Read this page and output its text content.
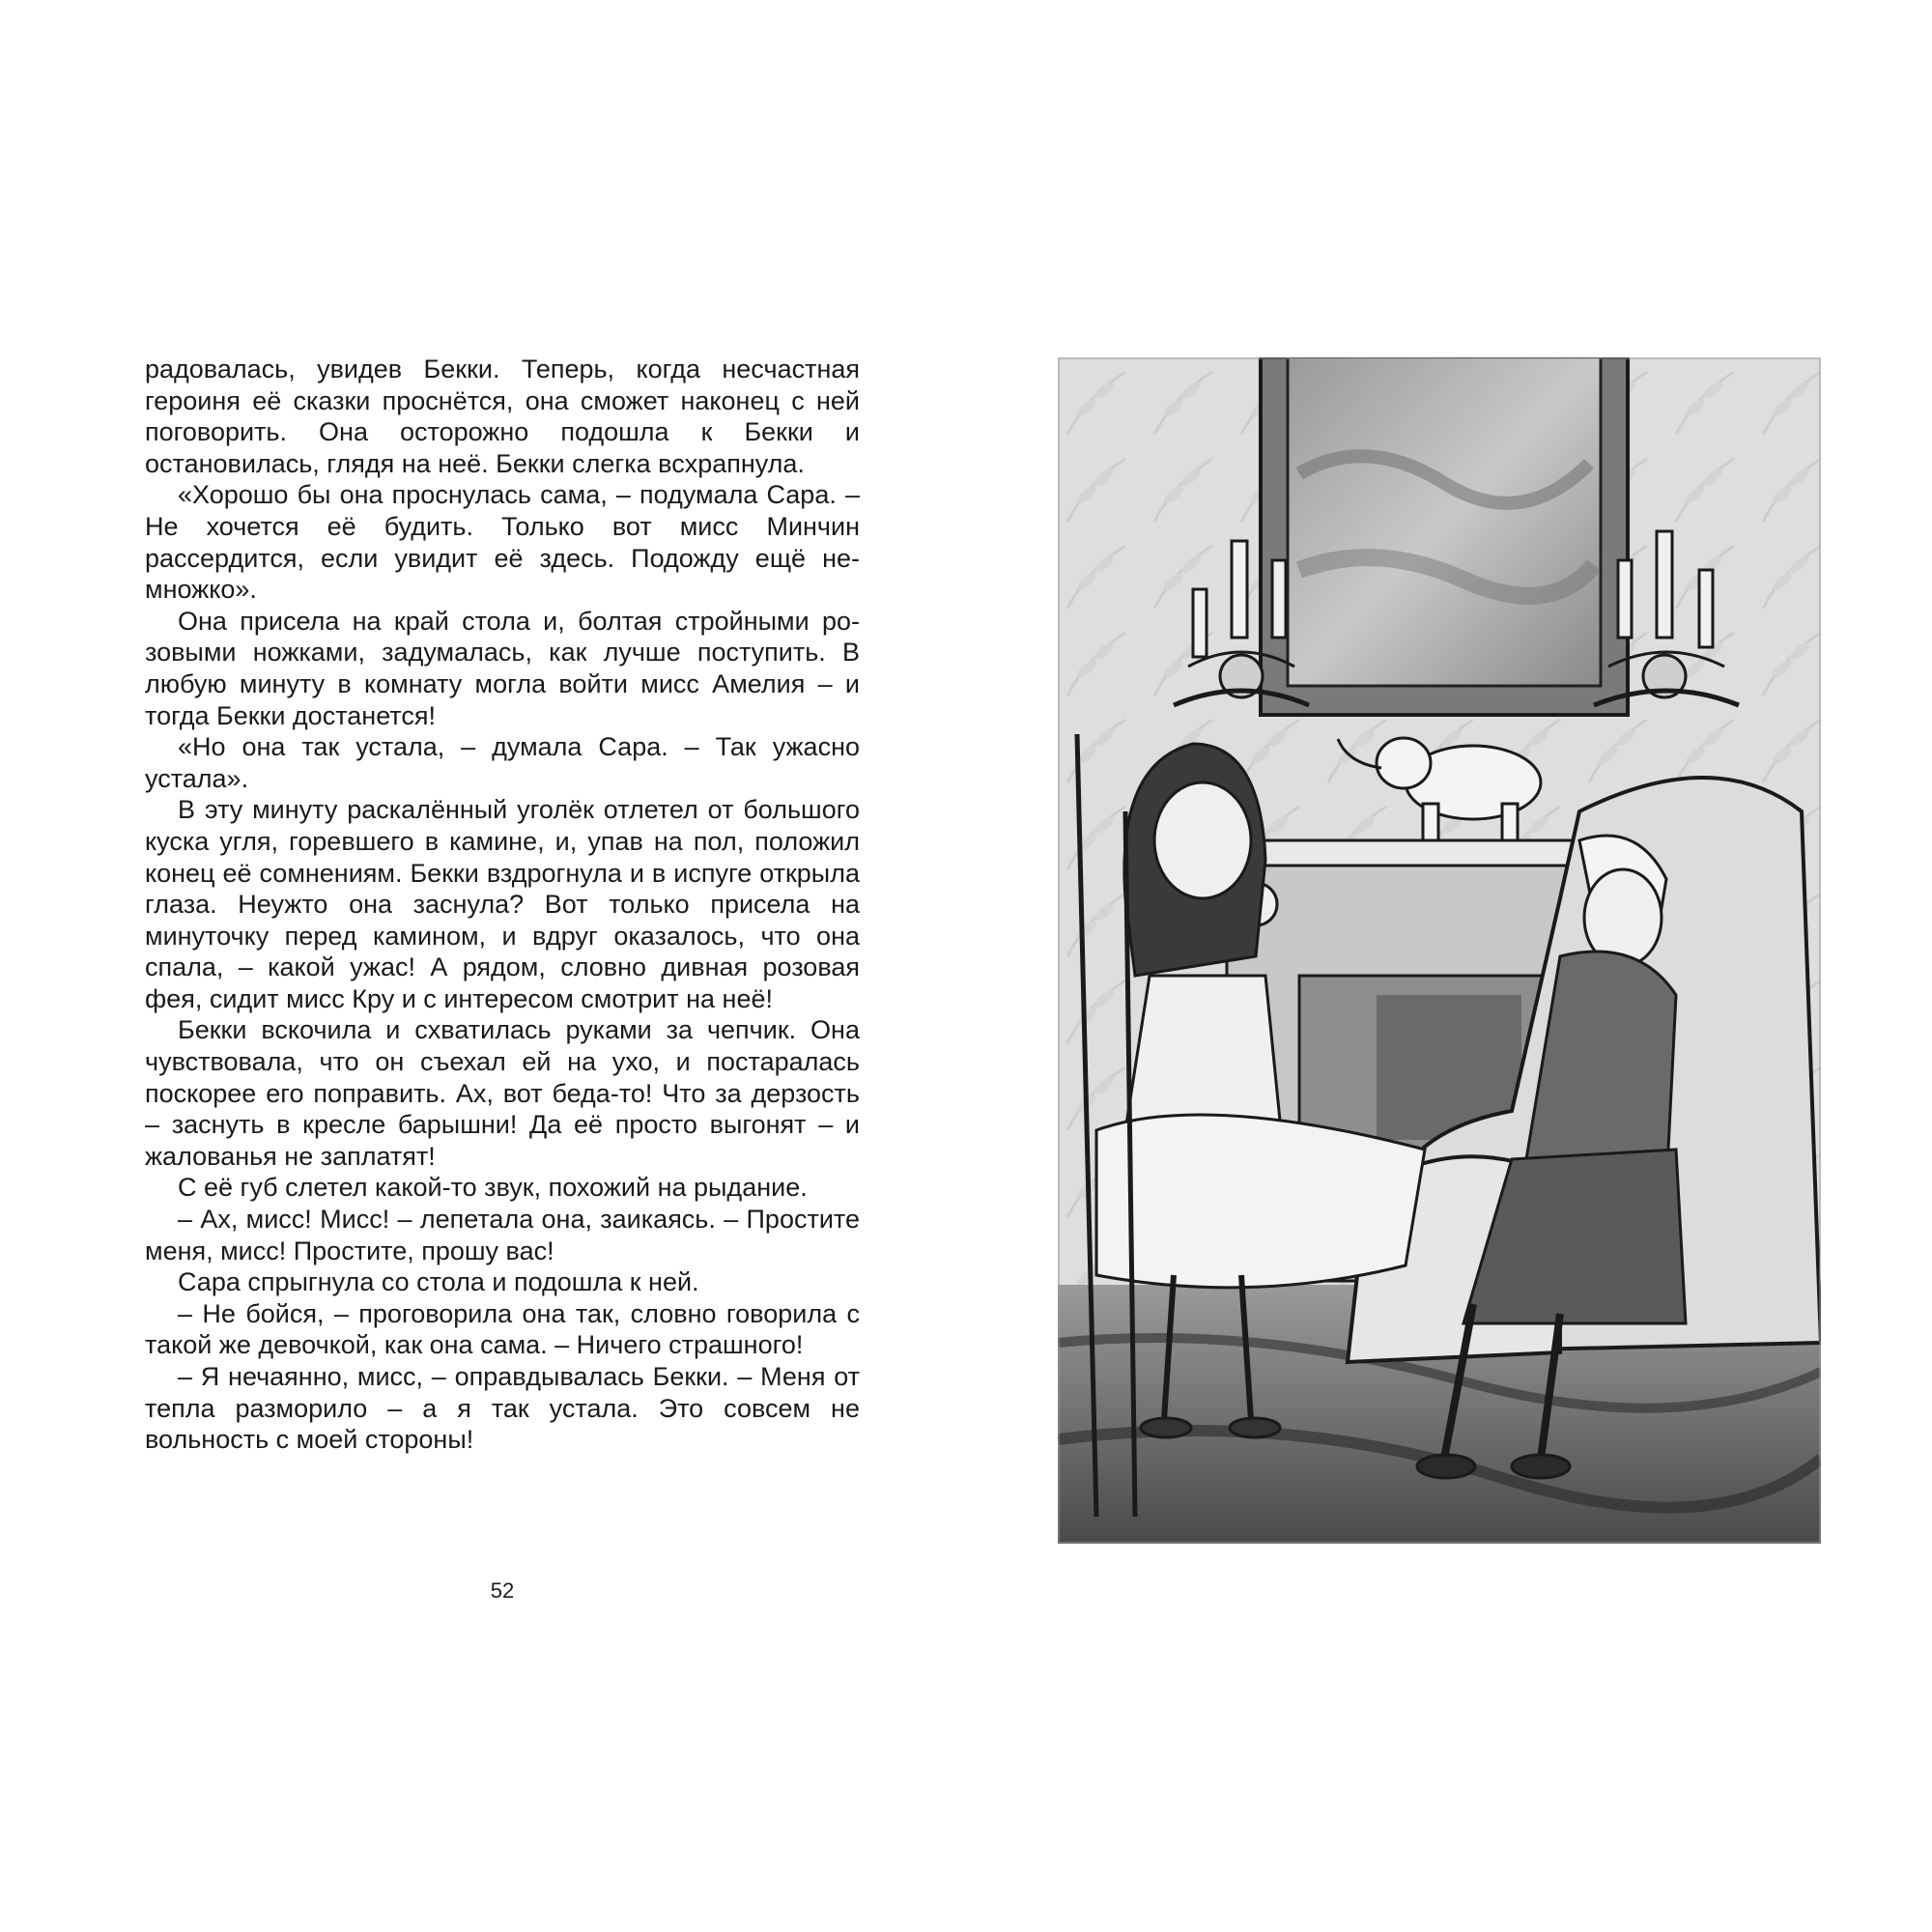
радовалась, увидев Бекки. Теперь, когда несчастная героиня её сказки проснётся, она сможет наконец с ней поговорить. Она осторожно подошла к Бекки и остановилась, глядя на неё. Бекки слегка всхрапнула.

«Хорошо бы она проснулась сама, – подумала Сара. – Не хочется её будить. Только вот мисс Минчин рассердится, если увидит её здесь. Подожду ещё немножко».

Она присела на край стола и, болтая стройными розовыми ножками, задумалась, как лучше поступить. В любую минуту в комнату могла войти мисс Амелия – и тогда Бекки достанется!

«Но она так устала, – думала Сара. – Так ужасно устала».

В эту минуту раскалённый уголёк отлетел от большого куска угля, горевшего в камине, и, упав на пол, положил конец её сомнениям. Бекки вздрогнула и в испуге открыла глаза. Неужто она заснула? Вот только присела на минуточку перед камином, и вдруг оказалось, что она спала, – какой ужас! А рядом, словно дивная розовая фея, сидит мисс Кру и с интересом смотрит на неё!

Бекки вскочила и схватилась руками за чепчик. Она чувствовала, что он съехал ей на ухо, и постаралась поскорее его поправить. Ах, вот беда-то! Что за дерзость – заснуть в кресле барышни! Да её просто выгонят – и жалованья не заплатят!

С её губ слетел какой-то звук, похожий на рыдание.

– Ах, мисс! Мисс! – лепетала она, заикаясь. – Простите меня, мисс! Простите, прошу вас!

Сара спрыгнула со стола и подошла к ней.

– Не бойся, – проговорила она так, словно говорила с такой же девочкой, как она сама. – Ничего страшного!

– Я нечаянно, мисс, – оправдывалась Бекки. – Меня от тепла разморило – а я так устала. Это совсем не вольность с моей стороны!

52
